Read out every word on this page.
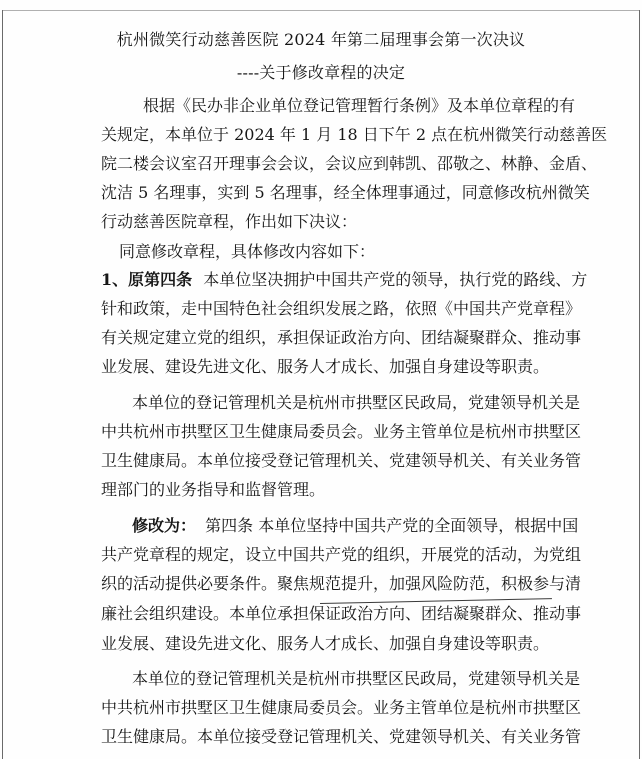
杭州微笑行动慈善医院 2024 年第二届理事会第一次决议
----关于修改章程的决定
根据《民办非企业单位登记管理暂行条例》及本单位章程的有
关规定，本单位于 2024 年 1 月 18 日下午 2 点在杭州微笑行动慈善医
院二楼会议室召开理事会会议，会议应到韩凯、邵敬之、林静、金盾、
沈洁 5 名理事，实到 5 名理事，经全体理事通过，同意修改杭州微笑
行动慈善医院章程，作出如下决议：
同意修改章程，具体修改内容如下：
1、原第四条 本单位坚决拥护中国共产党的领导，执行党的路线、方
针和政策，走中国特色社会组织发展之路，依照《中国共产党章程》
有关规定建立党的组织，承担保证政治方向、团结凝聚群众、推动事
业发展、建设先进文化、服务人才成长、加强自身建设等职责。
本单位的登记管理机关是杭州市拱墅区民政局，党建领导机关是
中共杭州市拱墅区卫生健康局委员会。业务主管单位是杭州市拱墅区
卫生健康局。本单位接受登记管理机关、党建领导机关、有关业务管
理部门的业务指导和监督管理。
修改为： 第四条 本单位坚持中国共产党的全面领导，根据中国
共产党章程的规定，设立中国共产党的组织，开展党的活动，为党组
织的活动提供必要条件。聚焦规范提升，加强风险防范，积极参与清
廉社会组织建设。本单位承担保证政治方向、团结凝聚群众、推动事
业发展、建设先进文化、服务人才成长、加强自身建设等职责。
本单位的登记管理机关是杭州市拱墅区民政局，党建领导机关是
中共杭州市拱墅区卫生健康局委员会。业务主管单位是杭州市拱墅区
卫生健康局。本单位接受登记管理机关、党建领导机关、有关业务管
